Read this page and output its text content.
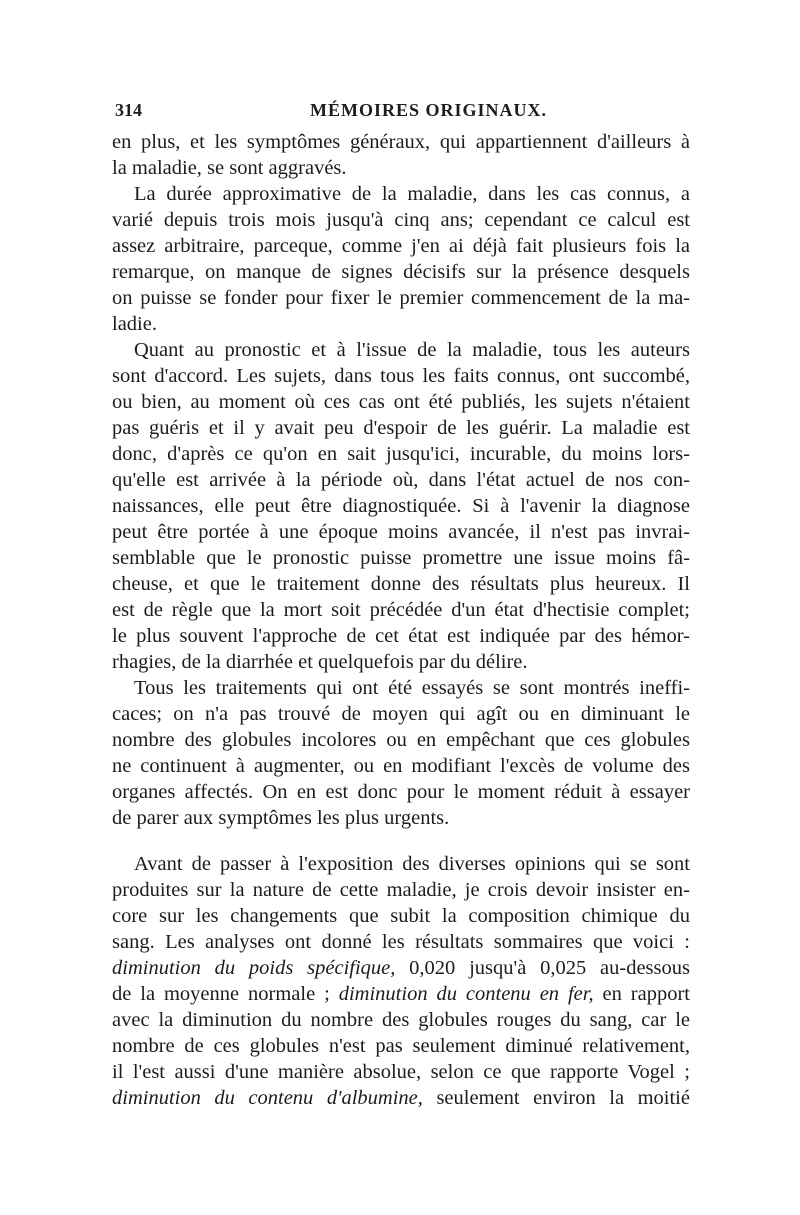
314	MÉMOIRES ORIGINAUX.
en plus, et les symptômes généraux, qui appartiennent d'ailleurs à
la maladie, se sont aggravés.
La durée approximative de la maladie, dans les cas connus, a
varié depuis trois mois jusqu'à cinq ans; cependant ce calcul est
assez arbitraire, parceque, comme j'en ai déjà fait plusieurs fois la
remarque, on manque de signes décisifs sur la présence desquels
on puisse se fonder pour fixer le premier commencement de la ma-
ladie.
Quant au pronostic et à l'issue de la maladie, tous les auteurs
sont d'accord. Les sujets, dans tous les faits connus, ont succombé,
ou bien, au moment où ces cas ont été publiés, les sujets n'étaient
pas guéris et il y avait peu d'espoir de les guérir. La maladie est
donc, d'après ce qu'on en sait jusqu'ici, incurable, du moins lors-
qu'elle est arrivée à la période où, dans l'état actuel de nos con-
naissances, elle peut être diagnostiquée. Si à l'avenir la diagnose
peut être portée à une époque moins avancée, il n'est pas invrai-
semblable que le pronostic puisse promettre une issue moins fâ-
cheuse, et que le traitement donne des résultats plus heureux. Il
est de règle que la mort soit précédée d'un état d'hectisie complet;
le plus souvent l'approche de cet état est indiquée par des hémor-
rhagies, de la diarrhée et quelquefois par du délire.
Tous les traitements qui ont été essayés se sont montrés ineffi-
caces; on n'a pas trouvé de moyen qui agît ou en diminuant le
nombre des globules incolores ou en empêchant que ces globules
ne continuent à augmenter, ou en modifiant l'excès de volume des
organes affectés. On en est donc pour le moment réduit à essayer
de parer aux symptômes les plus urgents.
Avant de passer à l'exposition des diverses opinions qui se sont
produites sur la nature de cette maladie, je crois devoir insister en-
core sur les changements que subit la composition chimique du
sang. Les analyses ont donné les résultats sommaires que voici :
diminution du poids spécifique, 0,020 jusqu'à 0,025 au-dessous
de la moyenne normale ; diminution du contenu en fer, en rapport
avec la diminution du nombre des globules rouges du sang, car le
nombre de ces globules n'est pas seulement diminué relativement,
il l'est aussi d'une manière absolue, selon ce que rapporte Vogel ;
diminution du contenu d'albumine, seulement environ la moitié
